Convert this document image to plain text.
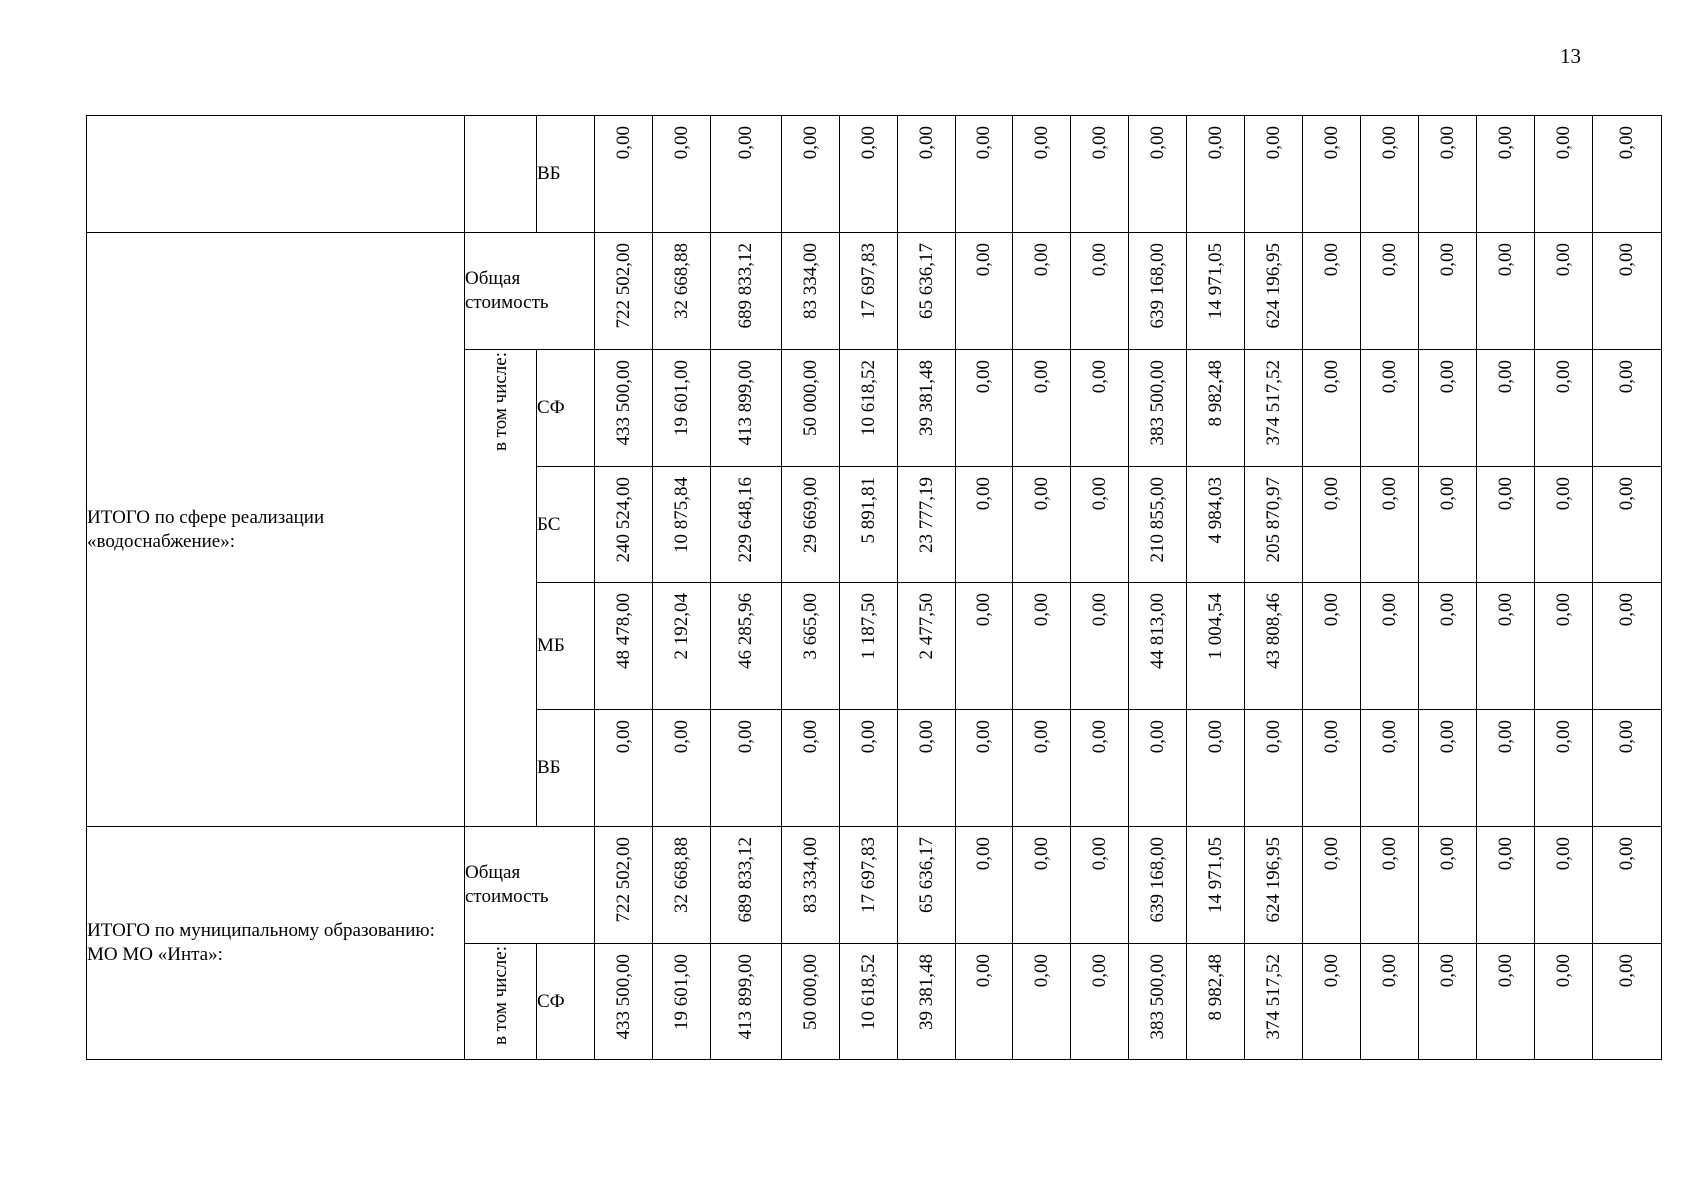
13
		ВБ	0,00	0,00	0,00	0,00	0,00	0,00	0,00	0,00	0,00	0,00	0,00	0,00	0,00	0,00	0,00	0,00	0,00	0,00

ИТОГО по сфере реализации «водоснабжение»:	Общая стоимость		722 502,00	32 668,88	689 833,12	83 334,00	17 697,83	65 636,17	0,00	0,00	0,00	639 168,00	14 971,05	624 196,95	0,00	0,00	0,00	0,00	0,00	0,00

	в том числе:	СФ	433 500,00	19 601,00	413 899,00	50 000,00	10 618,52	39 381,48	0,00	0,00	0,00	383 500,00	8 982,48	374 517,52	0,00	0,00	0,00	0,00	0,00	0,00

		БС	240 524,00	10 875,84	229 648,16	29 669,00	5 891,81	23 777,19	0,00	0,00	0,00	210 855,00	4 984,03	205 870,97	0,00	0,00	0,00	0,00	0,00	0,00

		МБ	48 478,00	2 192,04	46 285,96	3 665,00	1 187,50	2 477,50	0,00	0,00	0,00	44 813,00	1 004,54	43 808,46	0,00	0,00	0,00	0,00	0,00	0,00

		ВБ	0,00	0,00	0,00	0,00	0,00	0,00	0,00	0,00	0,00	0,00	0,00	0,00	0,00	0,00	0,00	0,00	0,00	0,00

ИТОГО по муниципальному образованию: МО МО «Инта»:	Общая стоимость		722 502,00	32 668,88	689 833,12	83 334,00	17 697,83	65 636,17	0,00	0,00	0,00	639 168,00	14 971,05	624 196,95	0,00	0,00	0,00	0,00	0,00	0,00

	в том числе:	СФ	433 500,00	19 601,00	413 899,00	50 000,00	10 618,52	39 381,48	0,00	0,00	0,00	383 500,00	8 982,48	374 517,52	0,00	0,00	0,00	0,00	0,00	0,00
